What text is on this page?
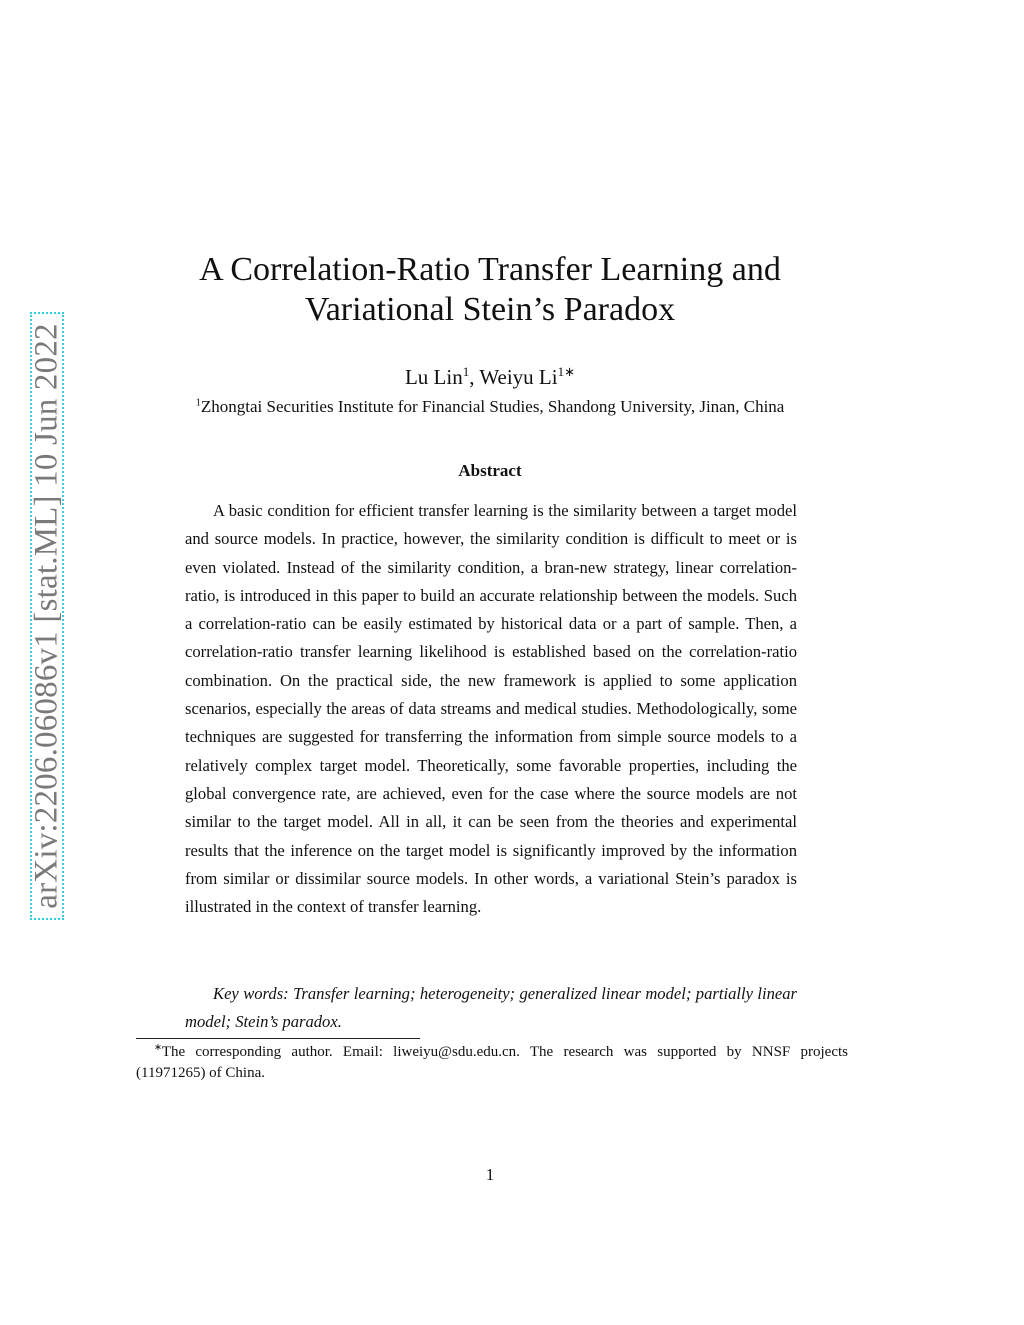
arXiv:2206.06086v1 [stat.ML] 10 Jun 2022
A Correlation-Ratio Transfer Learning and
Variational Stein’s Paradox
Lu Lin$^1$, Weiyu $Li^{1∗}$
$^1$Zhongtai Securities Institute for Financial Studies, Shandong University, Jinan, China
Abstract

A basic condition for efficient transfer learning is the similarity between a target model and source models. In practice, however, the similarity condition is difficult to meet or is even violated. Instead of the similarity condition, a bran-new strategy, linear correlation-ratio, is introduced in this paper to build an accurate relationship between the models. Such a correlation-ratio can be easily estimated by historical data or a part of sample. Then, a correlation-ratio transfer learning likelihood is established based on the correlation-ratio combination. On the practical side, the new framework is applied to some application scenarios, especially the areas of data streams and medical studies. Methodologically, some techniques are suggested for transferring the information from simple source models to a relatively complex target model. Theoretically, some favorable properties, including the global convergence rate, are achieved, even for the case where the source models are not similar to the target model. All in all, it can be seen from the theories and experimental results that the inference on the target model is significantly improved by the information from similar or dissimilar source models. In other words, a variational Stein’s paradox is illustrated in the context of transfer learning.

Key words: Transfer learning; heterogeneity; generalized linear model; partially linear model; Stein’s paradox.

∗The corresponding author. Email: liweiyu@sdu.edu.cn. The research was supported by NNSF projects (11971265) of China.

1
